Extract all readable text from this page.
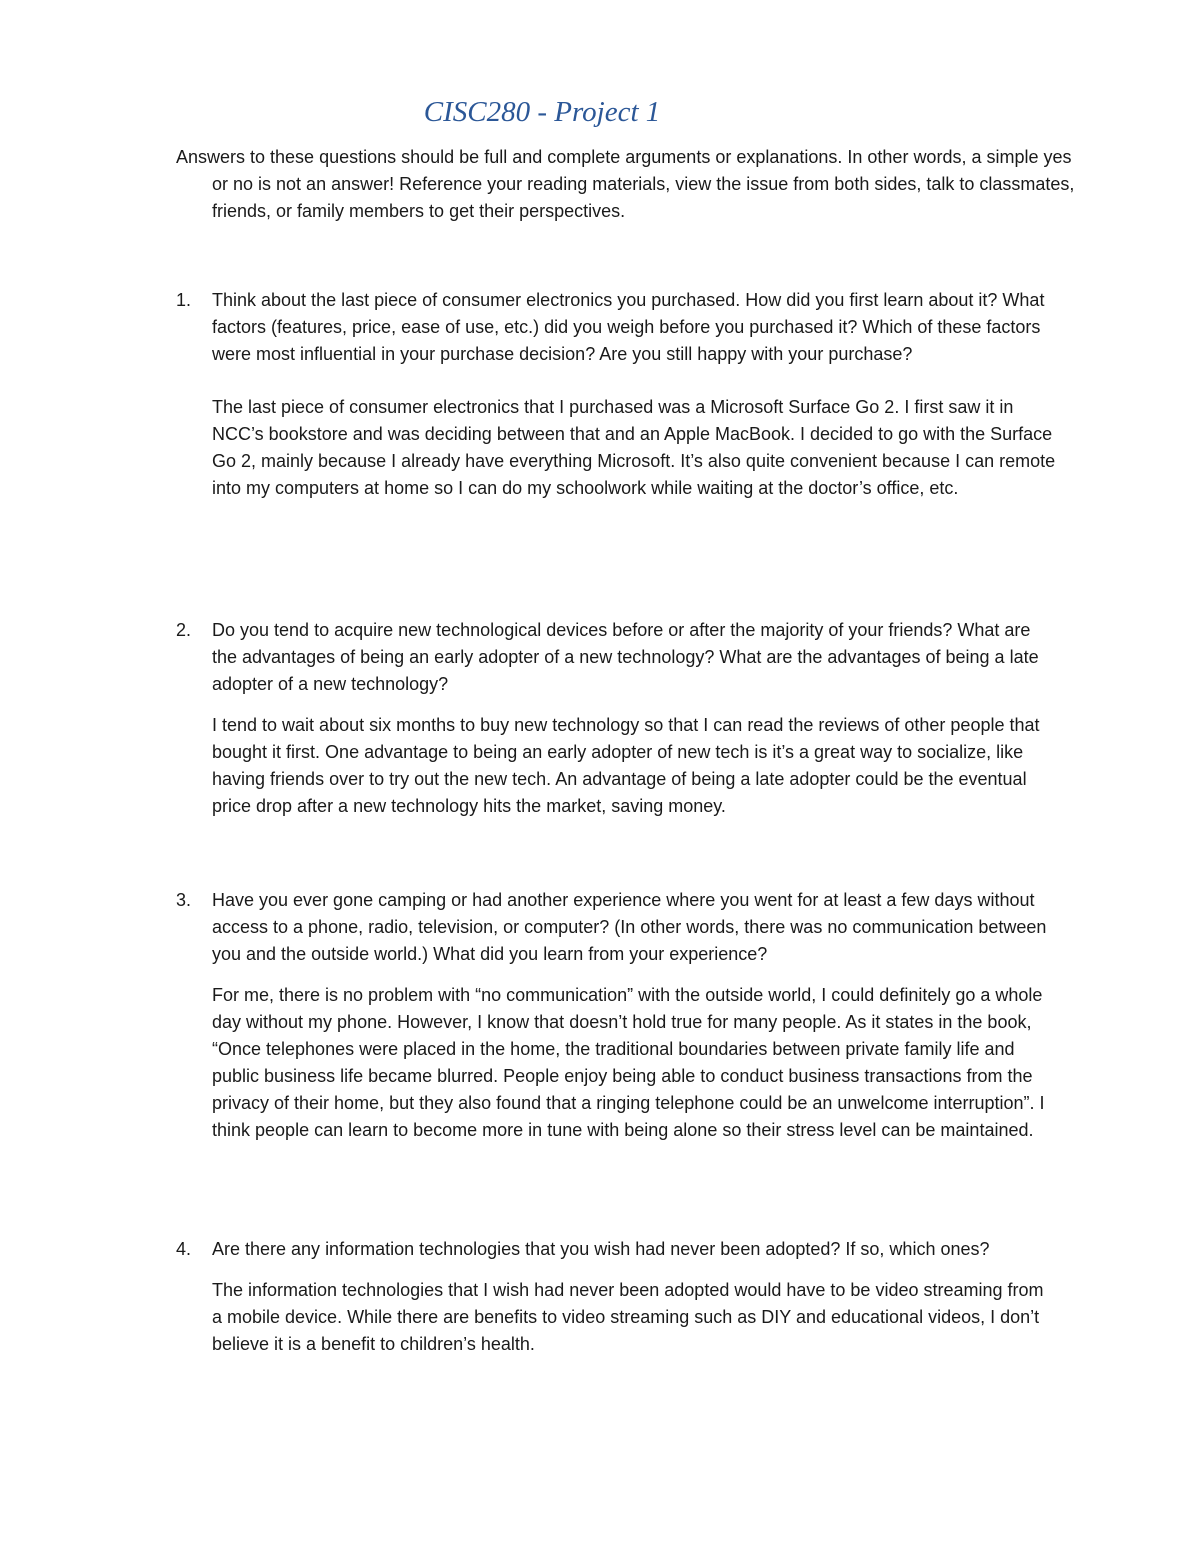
CISC280 - Project 1

Answers to these questions should be full and complete arguments or explanations. In other words, a simple yes or no is not an answer! Reference your reading materials, view the issue from both sides, talk to classmates, friends, or family members to get their perspectives.

1. Think about the last piece of consumer electronics you purchased. How did you first learn about it? What factors (features, price, ease of use, etc.) did you weigh before you purchased it? Which of these factors were most influential in your purchase decision? Are you still happy with your purchase?
The last piece of consumer electronics that I purchased was a Microsoft Surface Go 2. I first saw it in NCC’s bookstore and was deciding between that and an Apple MacBook. I decided to go with the Surface Go 2, mainly because I already have everything Microsoft. It’s also quite convenient because I can remote into my computers at home so I can do my schoolwork while waiting at the doctor’s office, etc.
2. Do you tend to acquire new technological devices before or after the majority of your friends? What are the advantages of being an early adopter of a new technology? What are the advantages of being a late adopter of a new technology?
I tend to wait about six months to buy new technology so that I can read the reviews of other people that bought it first. One advantage to being an early adopter of new tech is it’s a great way to socialize, like having friends over to try out the new tech. An advantage of being a late adopter could be the eventual price drop after a new technology hits the market, saving money.
3. Have you ever gone camping or had another experience where you went for at least a few days without access to a phone, radio, television, or computer? (In other words, there was no communication between you and the outside world.) What did you learn from your experience?
For me, there is no problem with “no communication” with the outside world, I could definitely go a whole day without my phone. However, I know that doesn’t hold true for many people. As it states in the book, “Once telephones were placed in the home, the traditional boundaries between private family life and public business life became blurred. People enjoy being able to conduct business transactions from the privacy of their home, but they also found that a ringing telephone could be an unwelcome interruption”. I think people can learn to become more in tune with being alone so their stress level can be maintained.
4. Are there any information technologies that you wish had never been adopted? If so, which ones?
The information technologies that I wish had never been adopted would have to be video streaming from a mobile device. While there are benefits to video streaming such as DIY and educational videos, I don’t believe it is a benefit to children’s health.
